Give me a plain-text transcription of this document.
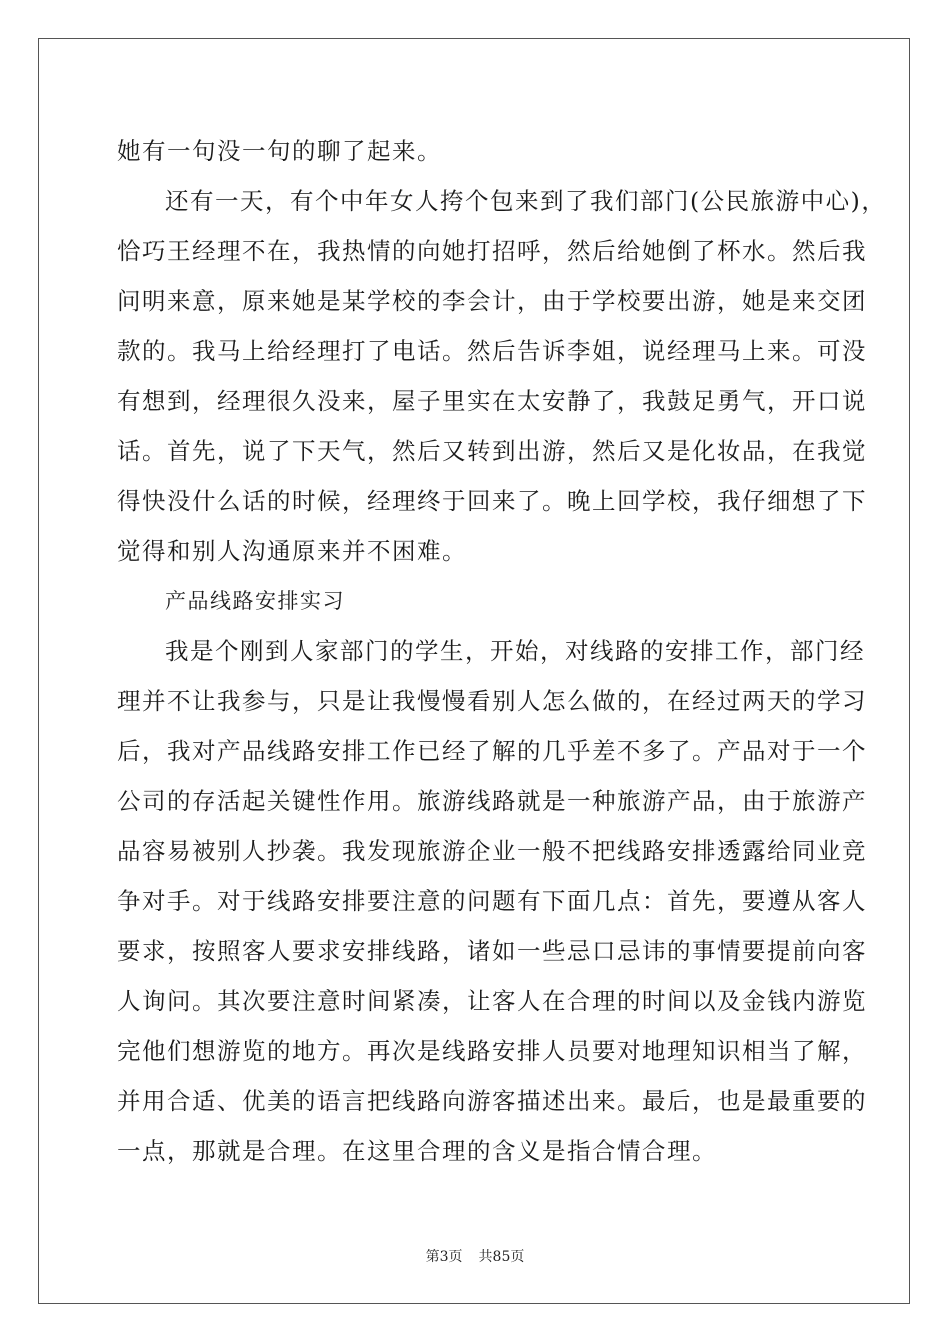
她有一句没一句的聊了起来。

还有一天，有个中年女人挎个包来到了我们部门(公民旅游中心)，

恰巧王经理不在，我热情的向她打招呼，然后给她倒了杯水。然后我

问明来意，原来她是某学校的李会计，由于学校要出游，她是来交团

款的。我马上给经理打了电话。然后告诉李姐，说经理马上来。可没

有想到，经理很久没来，屋子里实在太安静了，我鼓足勇气，开口说

话。首先，说了下天气，然后又转到出游，然后又是化妆品，在我觉

得快没什么话的时候，经理终于回来了。晚上回学校，我仔细想了下

觉得和别人沟通原来并不困难。

产品线路安排实习

我是个刚到人家部门的学生，开始，对线路的安排工作，部门经

理并不让我参与，只是让我慢慢看别人怎么做的，在经过两天的学习

后，我对产品线路安排工作已经了解的几乎差不多了。产品对于一个

公司的存活起关键性作用。旅游线路就是一种旅游产品，由于旅游产

品容易被别人抄袭。我发现旅游企业一般不把线路安排透露给同业竞

争对手。对于线路安排要注意的问题有下面几点：首先，要遵从客人

要求，按照客人要求安排线路，诸如一些忌口忌讳的事情要提前向客

人询问。其次要注意时间紧凑，让客人在合理的时间以及金钱内游览

完他们想游览的地方。再次是线路安排人员要对地理知识相当了解，

并用合适、优美的语言把线路向游客描述出来。最后，也是最重要的

一点，那就是合理。在这里合理的含义是指合情合理。

第3页 共85页
